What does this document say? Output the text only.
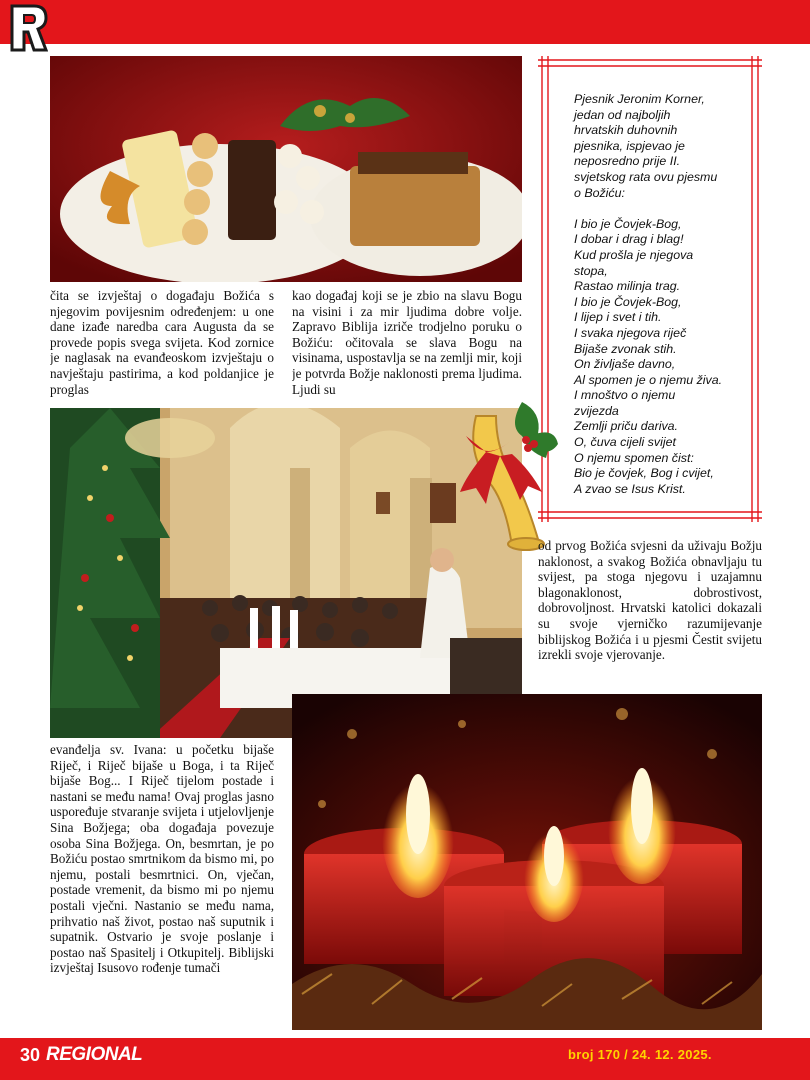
čita se izvještaj o događaju Božića s njegovim povijesnim određenjem: u one dane izađe naredba cara Augusta da se provede popis svega svijeta. Kod zornice je naglasak na evanđeoskom izvještaju o navještaju pastirima, a kod poldanjice je proglas

kao događaj koji se je zbio na slavu Bogu na visini i za mir ljudima dobre volje. Zapravo Biblija izriče trodjelno poruku o Božiću: očitovala se slava Bogu na visinama, uspostavlja se na zemlji mir, koji je potvrda Božje naklonosti prema ljudima. Ljudi su

Pjesnik Jeronim Korner,
jedan od najboljih
hrvatskih duhovnih
pjesnika, ispjevao je
neposredno prije II.
svjetskog rata ovu pjesmu
o Božiću:
I bio je Čovjek-Bog,
I dobar i drag i blag!
Kud prošla je njegova
stopa,
Rastao milinja trag.
I bio je Čovjek-Bog,
I lijep i svet i tih.
I svaka njegova riječ
Bijaše zvonak stih.
On življaše davno,
Al spomen je o njemu živa.
I mnoštvo o njemu
zvijezda
Zemlji priču dariva.
O, čuva cijeli svijet
O njemu spomen čist:
Bio je čovjek, Bog i cvijet,
A zvao se Isus Krist.

od prvog Božića svjesni da uživaju Božju naklonost, a svakog Božića obnavljaju tu svijest, pa stoga njegovu i uzajamnu blagonaklonost, dobrostivost, dobrovoljnost. Hrvatski katolici dokazali su svoje vjerničko razumijevanje biblijskog Božića i u pjesmi Čestit svijetu izrekli svoje vjerovanje.

evanđelja sv. Ivana: u početku bijaše Riječ, i Riječ bijaše u Boga, i ta Riječ bijaše Bog... I Riječ tijelom postade i nastani se među nama! Ovaj proglas jasno uspoređuje stvaranje svijeta i utjelovljenje Sina Božjega; oba događaja povezuje osoba Sina Božjega. On, besmrtan, je po Božiću postao smrtnikom da bismo mi, po njemu, postali besmrtnici. On, vječan, postade vremenit, da bismo mi po njemu postali vječni. Nastanio se među nama, prihvatio naš život, postao naš suputnik i supatnik. Ostvario je svoje poslanje i postao naš Spasitelj i Otkupitelj. Biblijski izvještaj Isusovo rođenje tumači

30 REGIONAL	broj 170 / 24. 12. 2025.
